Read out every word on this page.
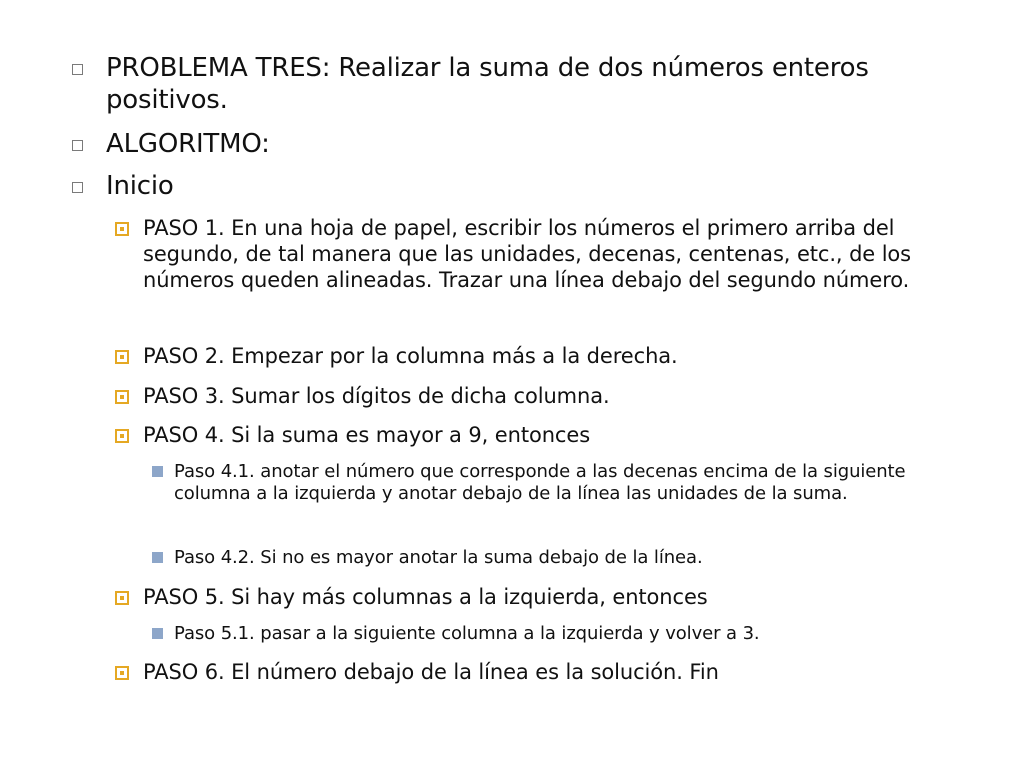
PROBLEMA TRES: Realizar la suma de dos números enteros positivos.
ALGORITMO:
Inicio
PASO 1. En una hoja de papel, escribir los números el primero arriba del segundo, de tal manera que las unidades, decenas, centenas, etc., de los números queden alineadas. Trazar una línea debajo del segundo número.
PASO 2. Empezar por la columna más a la derecha.
PASO 3. Sumar los dígitos de dicha columna.
PASO 4. Si la suma es mayor a 9, entonces
Paso 4.1. anotar el número que corresponde a las decenas encima de la siguiente columna a la izquierda y anotar debajo de la línea las unidades de la suma.
Paso 4.2. Si no es mayor anotar la suma debajo de la línea.
PASO 5. Si hay más columnas a la izquierda, entonces
Paso 5.1. pasar a la siguiente columna a la izquierda y volver a 3.
PASO 6. El número debajo de la línea es la solución. Fin
